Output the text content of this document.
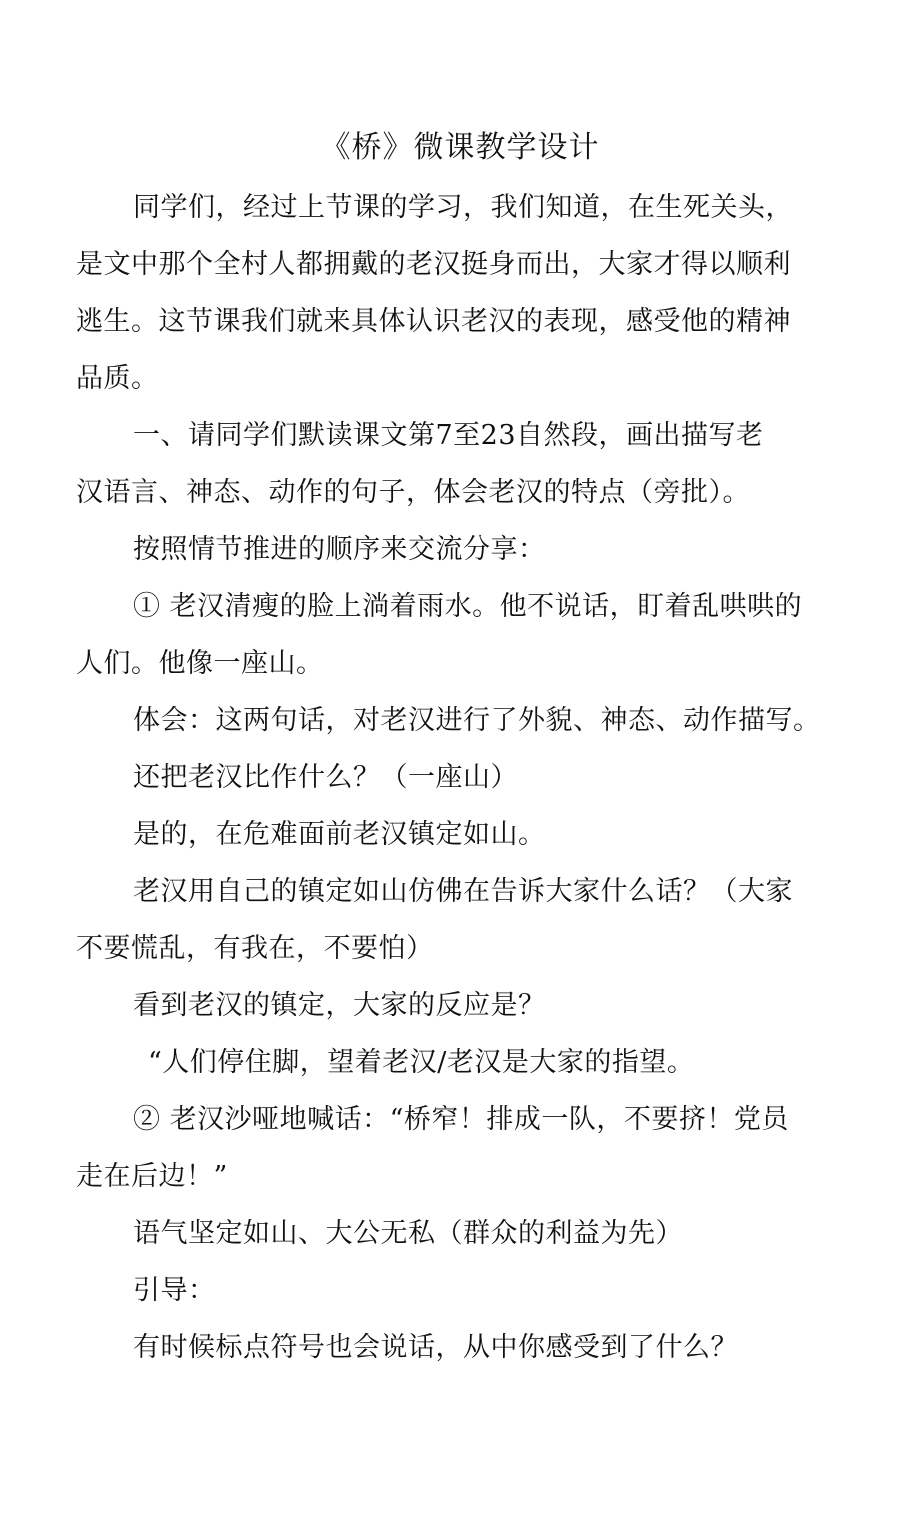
《桥》微课教学设计
同学们，经过上节课的学习，我们知道，在生死关头，
是文中那个全村人都拥戴的老汉挺身而出，大家才得以顺利
逃生。这节课我们就来具体认识老汉的表现，感受他的精神
品质。
一、请同学们默读课文第7至23自然段，画出描写老
汉语言、神态、动作的句子，体会老汉的特点（旁批）。
按照情节推进的顺序来交流分享：
① 老汉清瘦的脸上淌着雨水。他不说话，盯着乱哄哄的
人们。他像一座山。
体会：这两句话，对老汉进行了外貌、神态、动作描写。
还把老汉比作什么？（一座山）
是的，在危难面前老汉镇定如山。
老汉用自己的镇定如山仿佛在告诉大家什么话？（大家
不要慌乱，有我在，不要怕）
看到老汉的镇定，大家的反应是？
“人们停住脚，望着老汉/老汉是大家的指望。
② 老汉沙哑地喊话：“桥窄！排成一队，不要挤！党员
走在后边！”
语气坚定如山、大公无私（群众的利益为先）
引导：
有时候标点符号也会说话，从中你感受到了什么？
